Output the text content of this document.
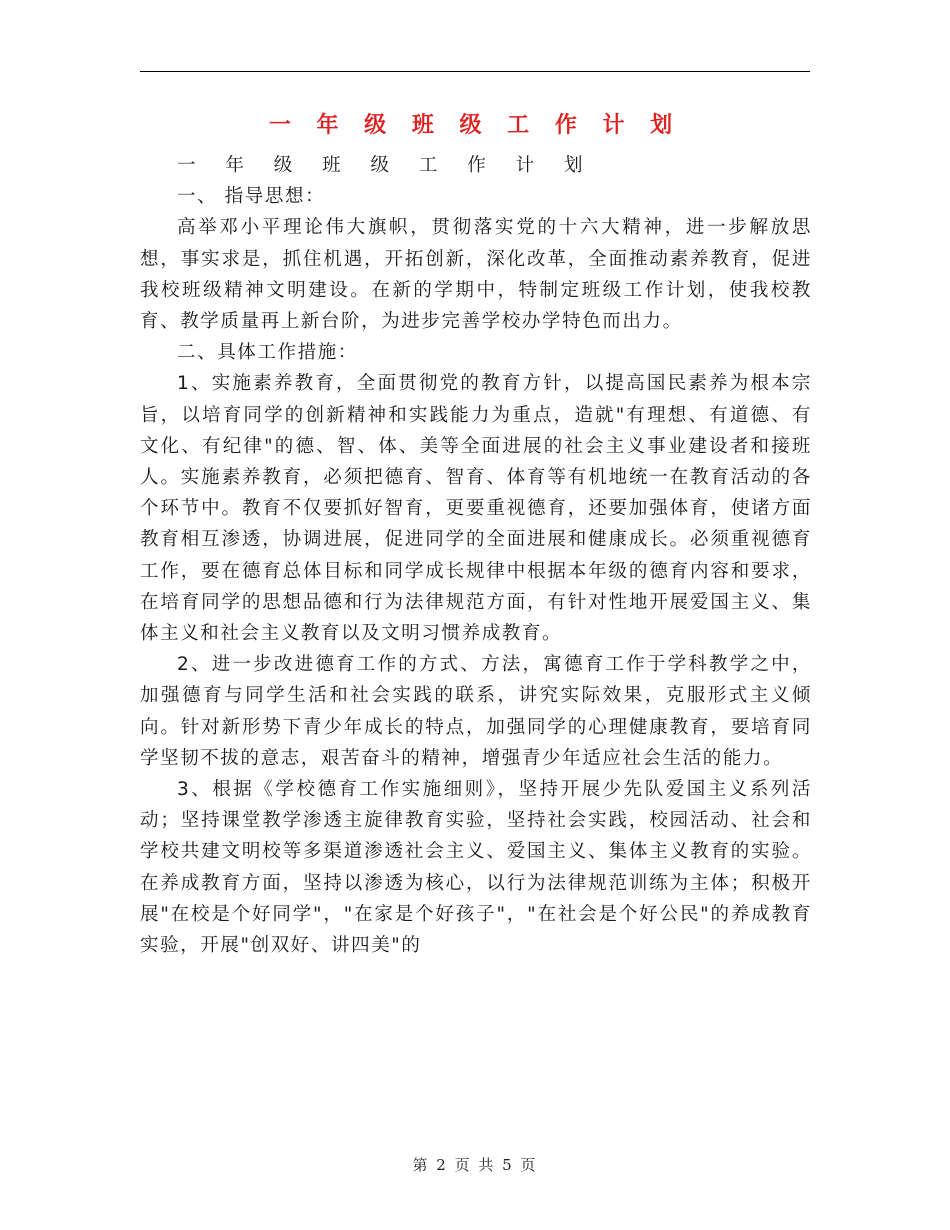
一 年 级 班 级 工 作 计 划

一 年 级 班 级 工 作 计 划

一、 指导思想：

高举邓小平理论伟大旗帜，贯彻落实党的十六大精神，进一步解放思想，事实求是，抓住机遇，开拓创新，深化改革，全面推动素养教育，促进我校班级精神文明建设。在新的学期中，特制定班级工作计划，使我校教育、教学质量再上新台阶，为进步完善学校办学特色而出力。

二、具体工作措施：

1、实施素养教育，全面贯彻党的教育方针，以提高国民素养为根本宗旨，以培育同学的创新精神和实践能力为重点，造就"有理想、有道德、有文化、有纪律"的德、智、体、美等全面进展的社会主义事业建设者和接班人。实施素养教育，必须把德育、智育、体育等有机地统一在教育活动的各个环节中。教育不仅要抓好智育，更要重视德育，还要加强体育，使诸方面教育相互渗透，协调进展，促进同学的全面进展和健康成长。必须重视德育工作，要在德育总体目标和同学成长规律中根据本年级的德育内容和要求，在培育同学的思想品德和行为法律规范方面，有针对性地开展爱国主义、集体主义和社会主义教育以及文明习惯养成教育。

2、进一步改进德育工作的方式、方法，寓德育工作于学科教学之中，加强德育与同学生活和社会实践的联系，讲究实际效果，克服形式主义倾向。针对新形势下青少年成长的特点，加强同学的心理健康教育，要培育同学坚韧不拔的意志，艰苦奋斗的精神，增强青少年适应社会生活的能力。

3、根据《学校德育工作实施细则》，坚持开展少先队爱国主义系列活动；坚持课堂教学渗透主旋律教育实验，坚持社会实践，校园活动、社会和学校共建文明校等多渠道渗透社会主义、爱国主义、集体主义教育的实验。在养成教育方面，坚持以渗透为核心，以行为法律规范训练为主体；积极开展"在校是个好同学"，"在家是个好孩子"，"在社会是个好公民"的养成教育实验，开展"创双好、讲四美"的

第 2 页 共 5 页
